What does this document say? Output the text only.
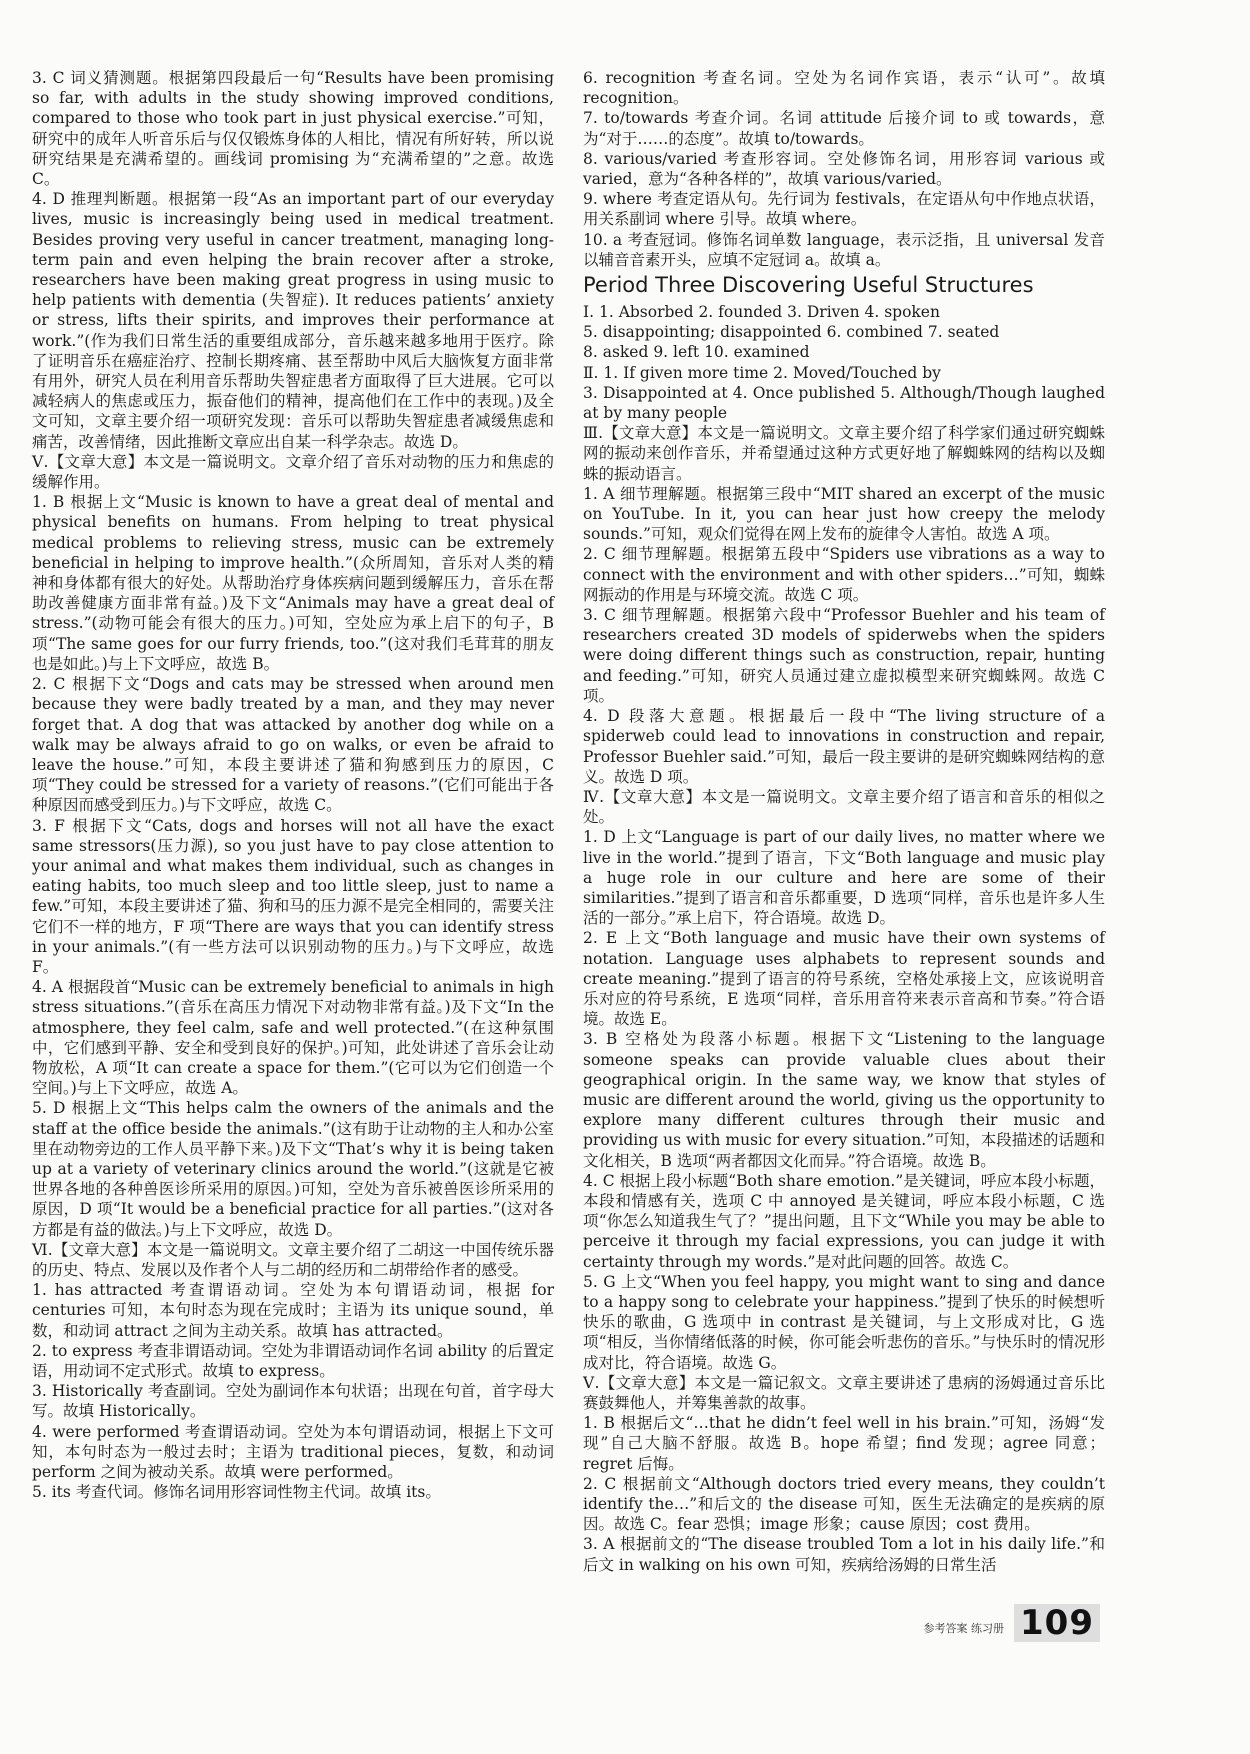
3. C 词义猜测题。根据第四段最后一句“Results have been promising so far, with adults in the study showing improved conditions, compared to those who took part in just physical exercise.”可知，研究中的成年人听音乐后与仅仅锻炼身体的人相比，情况有所好转，所以说研究结果是充满希望的。画线词 promising 为“充满希望的”之意。故选 C。

4. D 推理判断题。根据第一段“As an important part of our everyday lives, music is increasingly being used in medical treatment. Besides proving very useful in cancer treatment, managing long-term pain and even helping the brain recover after a stroke, researchers have been making great progress in using music to help patients with dementia (失智症). It reduces patients’ anxiety or stress, lifts their spirits, and improves their performance at work.”(作为我们日常生活的重要组成部分，音乐越来越多地用于医疗。除了证明音乐在癌症治疗、控制长期疼痛、甚至帮助中风后大脑恢复方面非常有用外，研究人员在利用音乐帮助失智症患者方面取得了巨大进展。它可以减轻病人的焦虑或压力，振奋他们的精神，提高他们在工作中的表现。)及全文可知，文章主要介绍一项研究发现：音乐可以帮助失智症患者减缓焦虑和痛苦，改善情绪，因此推断文章应出自某一科学杂志。故选 D。

Ⅴ.【文章大意】本文是一篇说明文。文章介绍了音乐对动物的压力和焦虑的缓解作用。

1. B 根据上文“Music is known to have a great deal of mental and physical benefits on humans. From helping to treat physical medical problems to relieving stress, music can be extremely beneficial in helping to improve health.”(众所周知，音乐对人类的精神和身体都有很大的好处。从帮助治疗身体疾病问题到缓解压力，音乐在帮助改善健康方面非常有益。)及下文“Animals may have a great deal of stress.”(动物可能会有很大的压力。)可知，空处应为承上启下的句子，B 项“The same goes for our furry friends, too.”(这对我们毛茸茸的朋友也是如此。)与上下文呼应，故选 B。

2. C 根据下文“Dogs and cats may be stressed when around men because they were badly treated by a man, and they may never forget that. A dog that was attacked by another dog while on a walk may be always afraid to go on walks, or even be afraid to leave the house.”可知，本段主要讲述了猫和狗感到压力的原因，C 项“They could be stressed for a variety of reasons.”(它们可能出于各种原因而感受到压力。)与下文呼应，故选 C。

3. F 根据下文“Cats, dogs and horses will not all have the exact same stressors(压力源), so you just have to pay close attention to your animal and what makes them individual, such as changes in eating habits, too much sleep and too little sleep, just to name a few.”可知，本段主要讲述了猫、狗和马的压力源不是完全相同的，需要关注它们不一样的地方，F 项“There are ways that you can identify stress in your animals.”(有一些方法可以识别动物的压力。)与下文呼应，故选 F。

4. A 根据段首“Music can be extremely beneficial to animals in high stress situations.”(音乐在高压力情况下对动物非常有益。)及下文“In the atmosphere, they feel calm, safe and well protected.”(在这种氛围中，它们感到平静、安全和受到良好的保护。)可知，此处讲述了音乐会让动物放松，A 项“It can create a space for them.”(它可以为它们创造一个空间。)与上下文呼应，故选 A。

5. D 根据上文“This helps calm the owners of the animals and the staff at the office beside the animals.”(这有助于让动物的主人和办公室里在动物旁边的工作人员平静下来。)及下文“That’s why it is being taken up at a variety of veterinary clinics around the world.”(这就是它被世界各地的各种兽医诊所采用的原因。)可知，空处为音乐被兽医诊所采用的原因，D 项“It would be a beneficial practice for all parties.”(这对各方都是有益的做法。)与上下文呼应，故选 D。

Ⅵ.【文章大意】本文是一篇说明文。文章主要介绍了二胡这一中国传统乐器的历史、特点、发展以及作者个人与二胡的经历和二胡带给作者的感受。

1. has attracted 考查谓语动词。空处为本句谓语动词，根据 for centuries 可知，本句时态为现在完成时；主语为 its unique sound，单数，和动词 attract 之间为主动关系。故填 has attracted。

2. to express 考查非谓语动词。空处为非谓语动词作名词 ability 的后置定语，用动词不定式形式。故填 to express。

3. Historically 考查副词。空处为副词作本句状语；出现在句首，首字母大写。故填 Historically。

4. were performed 考查谓语动词。空处为本句谓语动词，根据上下文可知，本句时态为一般过去时；主语为 traditional pieces，复数，和动词 perform 之间为被动关系。故填 were performed。

5. its 考查代词。修饰名词用形容词性物主代词。故填 its。

6. recognition 考查名词。空处为名词作宾语，表示“认可”。故填 recognition。

7. to/towards 考查介词。名词 attitude 后接介词 to 或 towards，意为“对于……的态度”。故填 to/towards。

8. various/varied 考查形容词。空处修饰名词，用形容词 various 或 varied，意为“各种各样的”，故填 various/varied。

9. where 考查定语从句。先行词为 festivals，在定语从句中作地点状语，用关系副词 where 引导。故填 where。

10. a 考查冠词。修饰名词单数 language，表示泛指，且 universal 发音以辅音音素开头，应填不定冠词 a。故填 a。

Period Three Discovering Useful Structures

Ⅰ. 1. Absorbed 2. founded 3. Driven 4. spoken

5. disappointing; disappointed 6. combined 7. seated

8. asked 9. left 10. examined

Ⅱ. 1. If given more time 2. Moved/Touched by

3. Disappointed at 4. Once published 5. Although/Though laughed at by many people

Ⅲ.【文章大意】本文是一篇说明文。文章主要介绍了科学家们通过研究蜘蛛网的振动来创作音乐，并希望通过这种方式更好地了解蜘蛛网的结构以及蜘蛛的振动语言。

1. A 细节理解题。根据第三段中“MIT shared an excerpt of the music on YouTube. In it, you can hear just how creepy the melody sounds.”可知，观众们觉得在网上发布的旋律令人害怕。故选 A 项。

2. C 细节理解题。根据第五段中“Spiders use vibrations as a way to connect with the environment and with other spiders…”可知，蜘蛛网振动的作用是与环境交流。故选 C 项。

3. C 细节理解题。根据第六段中“Professor Buehler and his team of researchers created 3D models of spiderwebs when the spiders were doing different things such as construction, repair, hunting and feeding.”可知，研究人员通过建立虚拟模型来研究蜘蛛网。故选 C 项。

4. D 段落大意题。根据最后一段中“The living structure of a spiderweb could lead to innovations in construction and repair, Professor Buehler said.”可知，最后一段主要讲的是研究蜘蛛网结构的意义。故选 D 项。

Ⅳ.【文章大意】本文是一篇说明文。文章主要介绍了语言和音乐的相似之处。

1. D 上文“Language is part of our daily lives, no matter where we live in the world.”提到了语言，下文“Both language and music play a huge role in our culture and here are some of their similarities.”提到了语言和音乐都重要，D 选项“同样，音乐也是许多人生活的一部分。”承上启下，符合语境。故选 D。

2. E 上文“Both language and music have their own systems of notation. Language uses alphabets to represent sounds and create meaning.”提到了语言的符号系统，空格处承接上文，应该说明音乐对应的符号系统，E 选项“同样，音乐用音符来表示音高和节奏。”符合语境。故选 E。

3. B 空格处为段落小标题。根据下文“Listening to the language someone speaks can provide valuable clues about their geographical origin. In the same way, we know that styles of music are different around the world, giving us the opportunity to explore many different cultures through their music and providing us with music for every situation.”可知，本段描述的话题和文化相关，B 选项“两者都因文化而异。”符合语境。故选 B。

4. C 根据上段小标题“Both share emotion.”是关键词，呼应本段小标题，本段和情感有关，选项 C 中 annoyed 是关键词，呼应本段小标题，C 选项“你怎么知道我生气了？”提出问题，且下文“While you may be able to perceive it through my facial expressions, you can judge it with certainty through my words.”是对此问题的回答。故选 C。

5. G 上文“When you feel happy, you might want to sing and dance to a happy song to celebrate your happiness.”提到了快乐的时候想听快乐的歌曲，G 选项中 in contrast 是关键词，与上文形成对比，G 选项“相反，当你情绪低落的时候，你可能会听悲伤的音乐。”与快乐时的情况形成对比，符合语境。故选 G。

Ⅴ.【文章大意】本文是一篇记叙文。文章主要讲述了患病的汤姆通过音乐比赛鼓舞他人，并筹集善款的故事。

1. B 根据后文“…that he didn’t feel well in his brain.”可知，汤姆“发现”自己大脑不舒服。故选 B。hope 希望；find 发现；agree 同意；regret 后悔。

2. C 根据前文“Although doctors tried every means, they couldn’t identify the…”和后文的 the disease 可知，医生无法确定的是疾病的原因。故选 C。fear 恐惧；image 形象；cause 原因；cost 费用。

3. A 根据前文的“The disease troubled Tom a lot in his daily life.”和后文 in walking on his own 可知，疾病给汤姆的日常生活

参考答案 练习册 109
